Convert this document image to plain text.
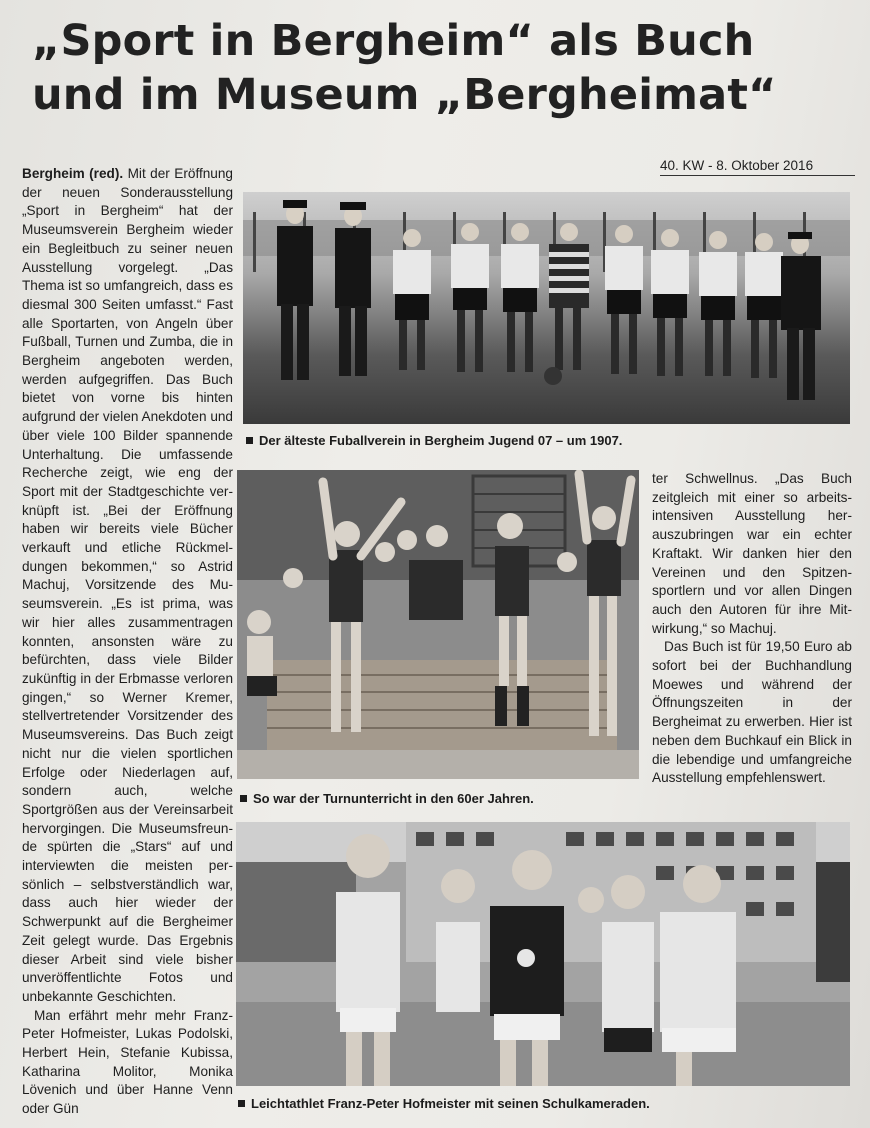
„Sport in Bergheim“ als Buch
und im Museum „Bergheimat“
40. KW - 8. Oktober 2016

Bergheim (red). Mit der Eröffnung der neuen Sonderausstellung „Sport in Bergheim“ hat der Museumsverein Bergheim wieder ein Begleitbuch zu seiner neuen Ausstellung vorgelegt. „Das Thema ist so umfangreich, dass es diesmal 300 Seiten umfasst.“ Fast alle Sportarten, von Angeln über Fußball, Turnen und Zumba, die in Bergheim angeboten werden, werden aufgegriffen. Das Buch bietet von vorne bis hinten aufgrund der vielen Anekdoten und über viele 100 Bilder spannende Unterhaltung. Die umfassende Recherche zeigt, wie eng der Sport mit der Stadtgeschichte verknüpft ist. „Bei der Eröffnung haben wir bereits viele Bücher verkauft und etliche Rückmeldungen bekommen,“ so Astrid Machuj, Vorsitzende des Museumsverein. „Es ist prima, was wir hier alles zusammentragen konnten, ansonsten wäre zu befürchten, dass viele Bilder zukünftig in der Erbmasse verloren gingen,“ so Werner Kremer, stellvertretender Vorsitzender des Museumsvereins. Das Buch zeigt nicht nur die vielen sportlichen Erfolge oder Niederlagen auf, sondern auch, welche Sportgrößen aus der Vereinsarbeit hervorgingen. Die Museumsfreunde spürten die „Stars“ auf und interviewten die meisten persönlich – selbstverständlich war, dass auch hier wieder der Schwerpunkt auf die Bergheimer Zeit gelegt wurde. Das Ergebnis dieser Arbeit sind viele bisher unveröffentlichte Fotos und unbekannte Geschichten.

Man erfährt mehr mehr Franz-Peter Hofmeister, Lukas Podolski, Herbert Hein, Stefanie Kubissa, Katharina Molitor, Monika Lövenich und über Hanne Venn oder Gün

ter Schwellnus. „Das Buch zeitgleich mit einer so arbeitsintensiven Ausstellung herauszubringen war ein echter Kraftakt. Wir danken hier den Vereinen und den Spitzensportlern und vor allen Dingen auch den Autoren für ihre Mitwirkung,“ so Machuj.

Das Buch ist für 19,50 Euro ab sofort bei der Buchhandlung Moewes und während der Öffnungszeiten in der Bergheimat zu erwerben. Hier ist neben dem Buchkauf ein Blick in die lebendige und umfangreiche Ausstellung empfehlenswert.

Der älteste Fuballverein in Bergheim Jugend 07 – um 1907.
So war der Turnunterricht in den 60er Jahren.
Leichtathlet Franz-Peter Hofmeister mit seinen Schulkameraden.
